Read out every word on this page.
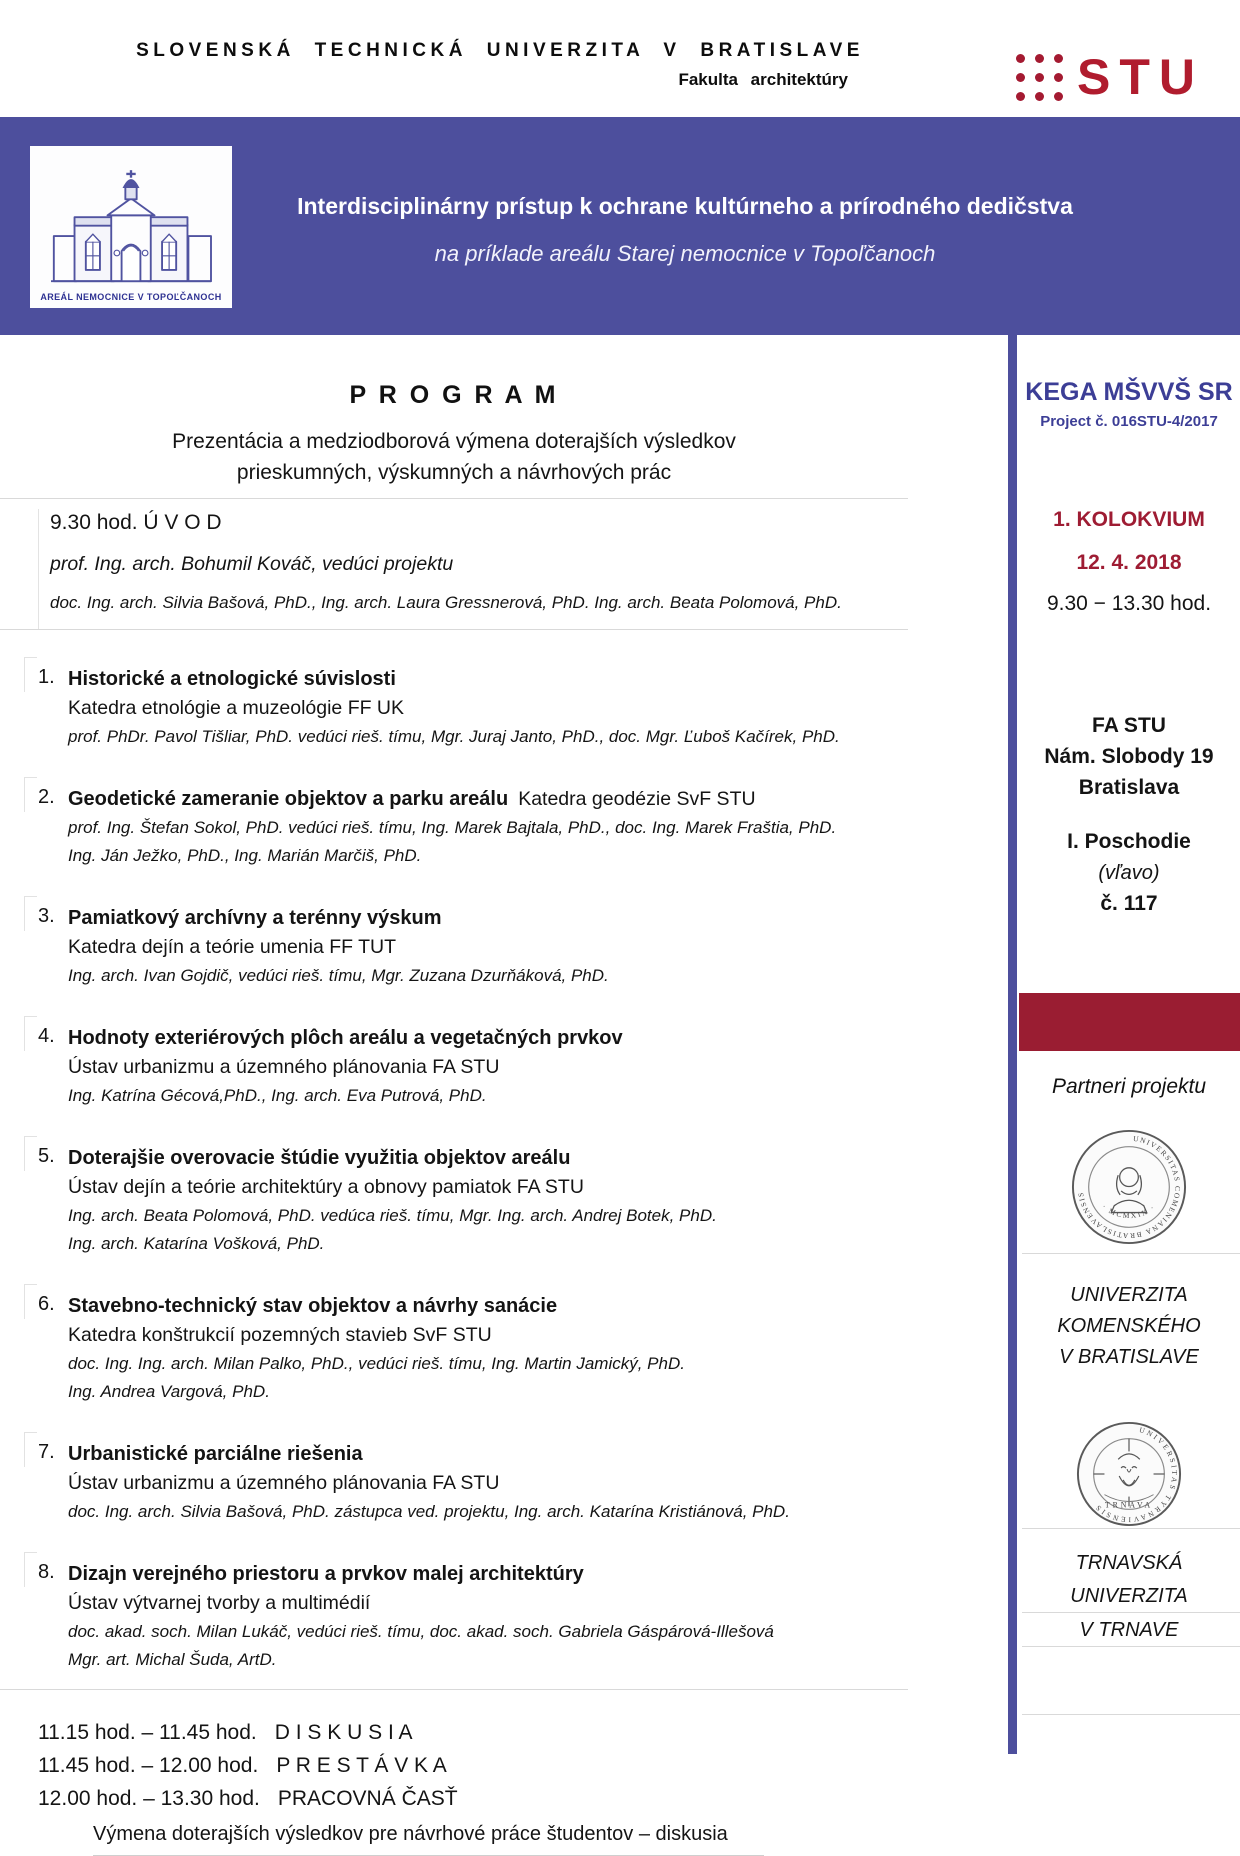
SLOVENSKÁ TECHNICKÁ UNIVERZITA V BRATISLAVE
Fakulta architektúry	STU
AREÁL NEMOCNICE V TOPOĽČANOCH
Interdisciplinárny prístup k ochrane kultúrneho a prírodného dedičstva
na príklade areálu Starej nemocnice v Topoľčanoch
P R O G R A M
Prezentácia a medziodborová výmena doterajších výsledkov
prieskumných, výskumných a návrhových prác
9.30 hod. Ú V O D
prof. Ing. arch. Bohumil Kováč, vedúci projektu
doc. Ing. arch. Silvia Bašová, PhD., Ing. arch. Laura Gressnerová, PhD. Ing. arch. Beata Polomová, PhD.
1. Historické a etnologické súvislosti
Katedra etnológie a muzeológie FF UK
prof. PhDr. Pavol Tišliar, PhD. vedúci rieš. tímu, Mgr. Juraj Janto, PhD., doc. Mgr. Ľuboš Kačírek, PhD.
2. Geodetické zameranie objektov a parku areálu Katedra geodézie SvF STU
prof. Ing. Štefan Sokol, PhD. vedúci rieš. tímu, Ing. Marek Bajtala, PhD., doc. Ing. Marek Fraštia, PhD.
Ing. Ján Ježko, PhD., Ing. Marián Marčiš, PhD.
3. Pamiatkový archívny a terénny výskum
Katedra dejín a teórie umenia FF TUT
Ing. arch. Ivan Gojdič, vedúci rieš. tímu, Mgr. Zuzana Dzurňáková, PhD.
4. Hodnoty exteriérových plôch areálu a vegetačných prvkov
Ústav urbanizmu a územného plánovania FA STU
Ing. Katrína Gécová,PhD., Ing. arch. Eva Putrová, PhD.
5. Doterajšie overovacie štúdie využitia objektov areálu
Ústav dejín a teórie architektúry a obnovy pamiatok FA STU
Ing. arch. Beata Polomová, PhD. vedúca rieš. tímu, Mgr. Ing. arch. Andrej Botek, PhD.
Ing. arch. Katarína Vošková, PhD.
6. Stavebno-technický stav objektov a návrhy sanácie
Katedra konštrukcií pozemných stavieb SvF STU
doc. Ing. Ing. arch. Milan Palko, PhD., vedúci rieš. tímu, Ing. Martin Jamický, PhD.
Ing. Andrea Vargová, PhD.
7. Urbanistické parciálne riešenia
Ústav urbanizmu a územného plánovania FA STU
doc. Ing. arch. Silvia Bašová, PhD. zástupca ved. projektu, Ing. arch. Katarína Kristiánová, PhD.
8. Dizajn verejného priestoru a prvkov malej architektúry
Ústav výtvarnej tvorby a multimédií
doc. akad. soch. Milan Lukáč, vedúci rieš. tímu, doc. akad. soch. Gabriela Gáspárová-Illešová
Mgr. art. Michal Šuda, ArtD.
11.15 hod. – 11.45 hod. D I S K U S I A
11.45 hod. – 12.00 hod. P R E S T Á V K A
12.00 hod. – 13.30 hod. PRACOVNÁ ČASŤ
Výmena doterajších výsledkov pre návrhové práce študentov – diskusia
KEGA MŠVVŠ SR
Project č. 016STU-4/2017
1. KOLOKVIUM
12. 4. 2018
9.30 − 13.30 hod.
FA STU
Nám. Slobody 19
Bratislava
I. Poschodie
(vľavo)
č. 117
Partneri projektu
UNIVERSITAS COMENIANA BRATISLAVENSIS
· MCMXIX ·
UNIVERZITA
KOMENSKÉHO
V BRATISLAVE
UNIVERSITAS TYRNAVIENSIS TRNAVA
TRNAVSKÁ
UNIVERZITA
V TRNAVE
